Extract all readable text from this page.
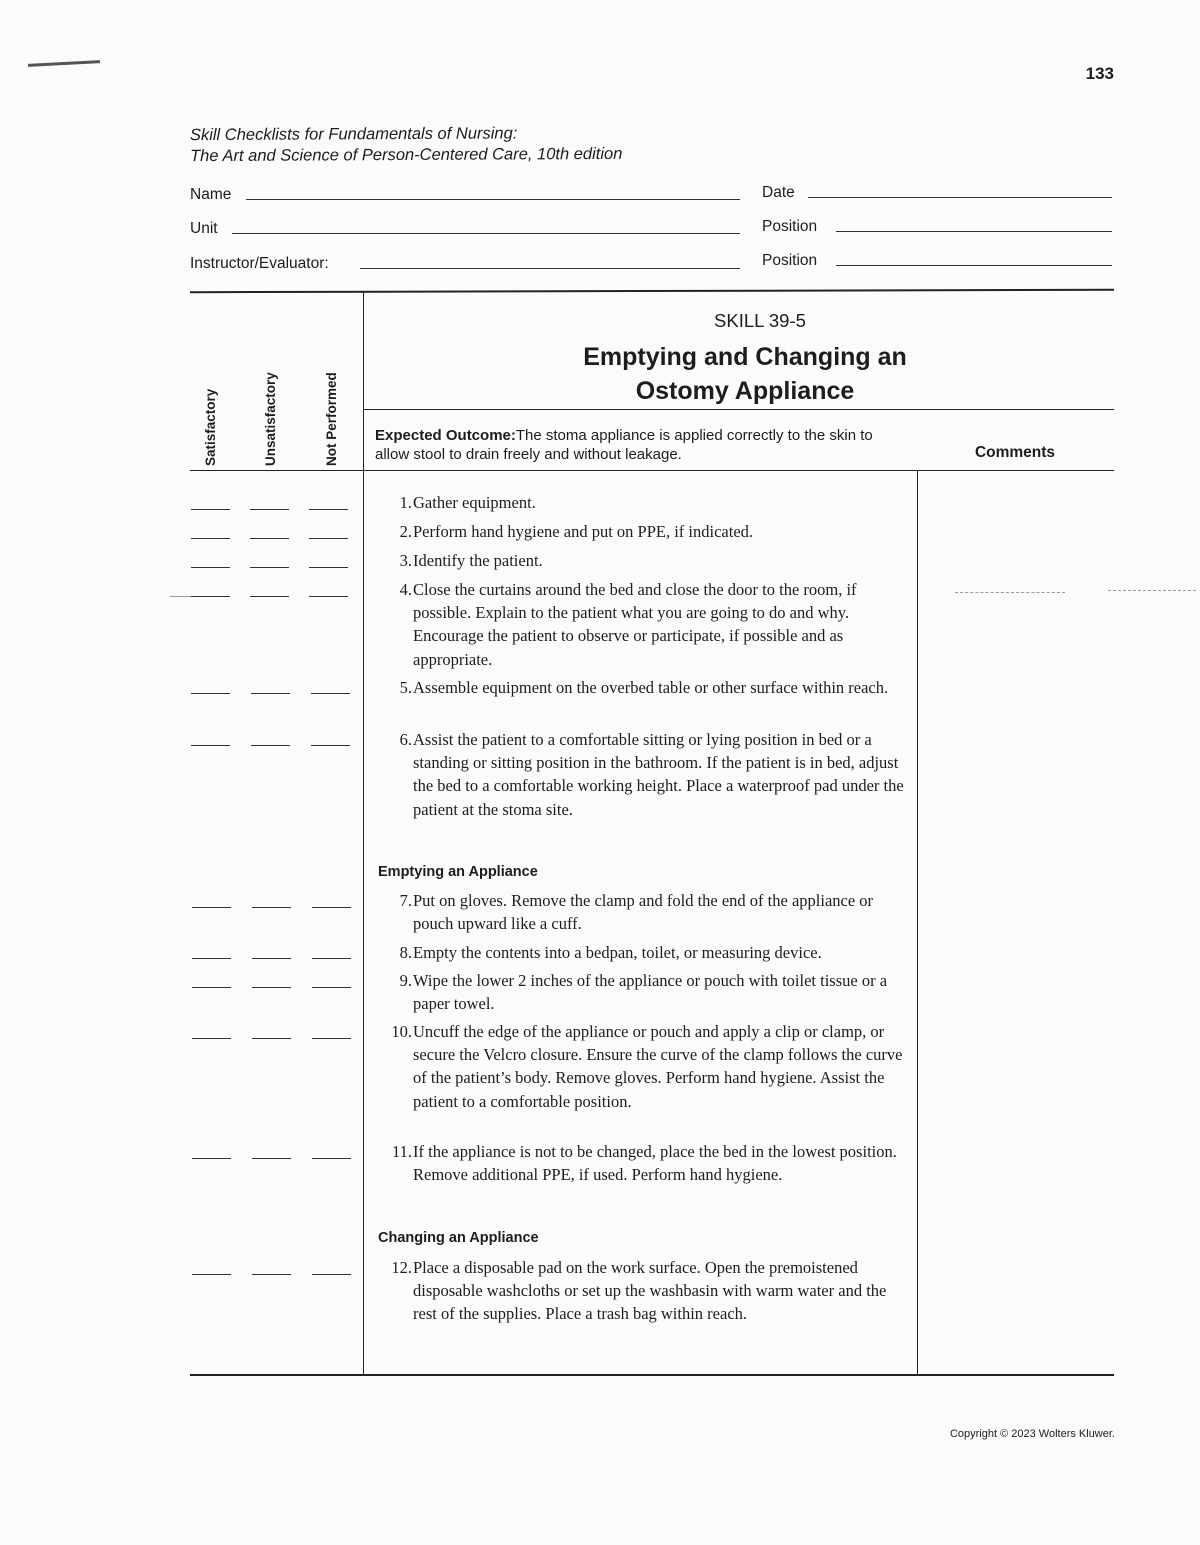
133
Skill Checklists for Fundamentals of Nursing:
The Art and Science of Person-Centered Care, 10th edition
Name	Date
Unit	Position
Instructor/Evaluator:	Position
Satisfactory	Unsatisfactory	Not Performed
SKILL 39-5
Emptying and Changing an
Ostomy Appliance
Expected Outcome:The stoma appliance is applied correctly to the skin to allow stool to drain freely and without leakage.	Comments
Emptying an Appliance
Changing an Appliance
1. Gather equipment.
2. Perform hand hygiene and put on PPE, if indicated.
3. Identify the patient.
4. Close the curtains around the bed and close the door to the room, if possible. Explain to the patient what you are going to do and why. Encourage the patient to observe or participate, if possible and as appropriate.
5. Assemble equipment on the overbed table or other surface within reach.
6. Assist the patient to a comfortable sitting or lying position in bed or a standing or sitting position in the bathroom. If the patient is in bed, adjust the bed to a comfortable working height. Place a waterproof pad under the patient at the stoma site.
7. Put on gloves. Remove the clamp and fold the end of the appliance or pouch upward like a cuff.
8. Empty the contents into a bedpan, toilet, or measuring device.
9. Wipe the lower 2 inches of the appliance or pouch with toilet tissue or a paper towel.
10. Uncuff the edge of the appliance or pouch and apply a clip or clamp, or secure the Velcro closure. Ensure the curve of the clamp follows the curve of the patient’s body. Remove gloves. Perform hand hygiene. Assist the patient to a comfortable position.
11. If the appliance is not to be changed, place the bed in the lowest position. Remove additional PPE, if used. Perform hand hygiene.
12. Place a disposable pad on the work surface. Open the premoistened disposable washcloths or set up the washbasin with warm water and the rest of the supplies. Place a trash bag within reach.
Copyright © 2023 Wolters Kluwer.
